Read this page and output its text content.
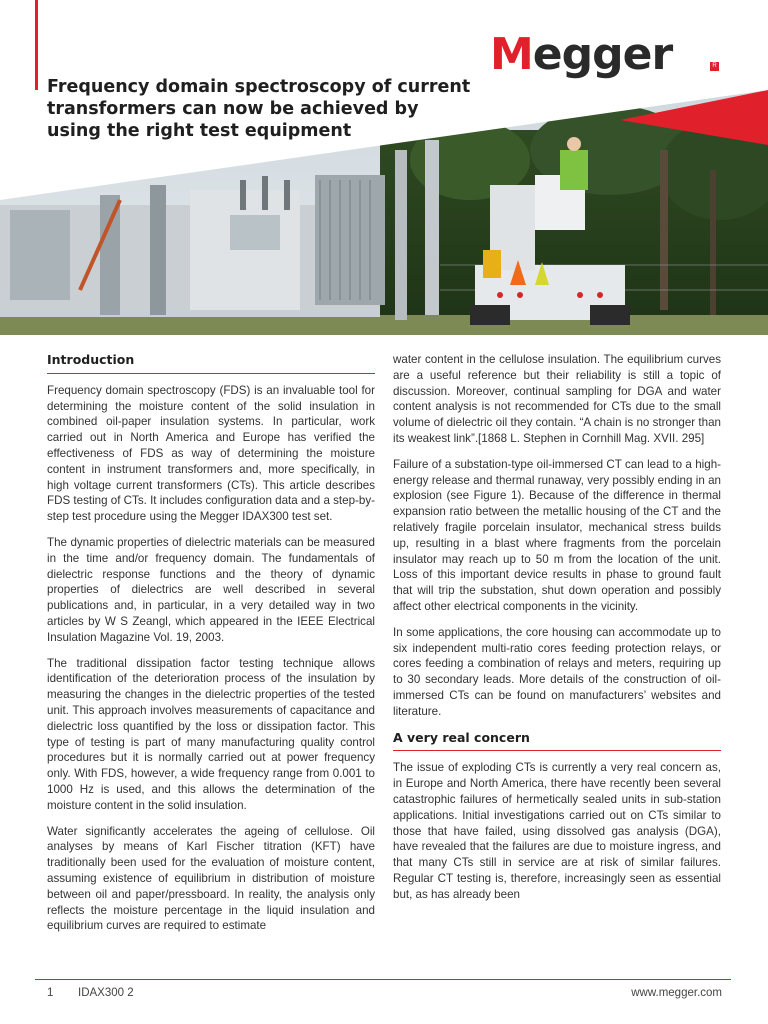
Frequency domain spectroscopy of current transformers can now be achieved by using the right test equipment
Megger	R
Introduction

Frequency domain spectroscopy (FDS) is an invaluable tool for determining the moisture content of the solid insulation in combined oil-paper insulation systems. In particular, work carried out in North America and Europe has verified the effectiveness of FDS as way of determining the moisture content in instrument transformers and, more specifically, in high voltage current transformers (CTs). This article describes FDS testing of CTs. It includes configuration data and a step-by-step test procedure using the Megger IDAX300 test set.

The dynamic properties of dielectric materials can be measured in the time and/or frequency domain. The fundamentals of dielectric response functions and the theory of dynamic properties of dielectrics are well described in several publications and, in particular, in a very detailed way in two articles by W S Zeangl, which appeared in the IEEE Electrical Insulation Magazine Vol. 19, 2003.

The traditional dissipation factor testing technique allows identification of the deterioration process of the insulation by measuring the changes in the dielectric properties of the tested unit. This approach involves measurements of capacitance and dielectric loss quantified by the loss or dissipation factor. This type of testing is part of many manufacturing quality control procedures but it is normally carried out at power frequency only. With FDS, however, a wide frequency range from 0.001 to 1000 Hz is used, and this allows the determination of the moisture content in the solid insulation.

Water significantly accelerates the ageing of cellulose. Oil analyses by means of Karl Fischer titration (KFT) have traditionally been used for the evaluation of moisture content, assuming existence of equilibrium in distribution of moisture between oil and paper/pressboard. In reality, the analysis only reflects the moisture percentage in the liquid insulation and equilibrium curves are required to estimate

water content in the cellulose insulation. The equilibrium curves are a useful reference but their reliability is still a topic of discussion. Moreover, continual sampling for DGA and water content analysis is not recommended for CTs due to the small volume of dielectric oil they contain. “A chain is no stronger than its weakest link”.[1868 L. Stephen in Cornhill Mag. XVII. 295]

Failure of a substation-type oil-immersed CT can lead to a high-energy release and thermal runaway, very possibly ending in an explosion (see Figure 1). Because of the difference in thermal expansion ratio between the metallic housing of the CT and the relatively fragile porcelain insulator, mechanical stress builds up, resulting in a blast where fragments from the porcelain insulator may reach up to 50 m from the location of the unit. Loss of this important device results in phase to ground fault that will trip the substation, shut down operation and possibly affect other electrical components in the vicinity.

In some applications, the core housing can accommodate up to six independent multi-ratio cores feeding protection relays, or cores feeding a combination of relays and meters, requiring up to 30 secondary leads. More details of the construction of oil-immersed CTs can be found on manufacturers’ websites and literature.

A very real concern

The issue of exploding CTs is currently a very real concern as, in Europe and North America, there have recently been several catastrophic failures of hermetically sealed units in sub-station applications. Initial investigations carried out on CTs similar to those that have failed, using dissolved gas analysis (DGA), have revealed that the failures are due to moisture ingress, and that many CTs still in service are at risk of similar failures. Regular CT testing is, therefore, increasingly seen as essential but, as has already been

1 IDAX300 2	www.megger.com
